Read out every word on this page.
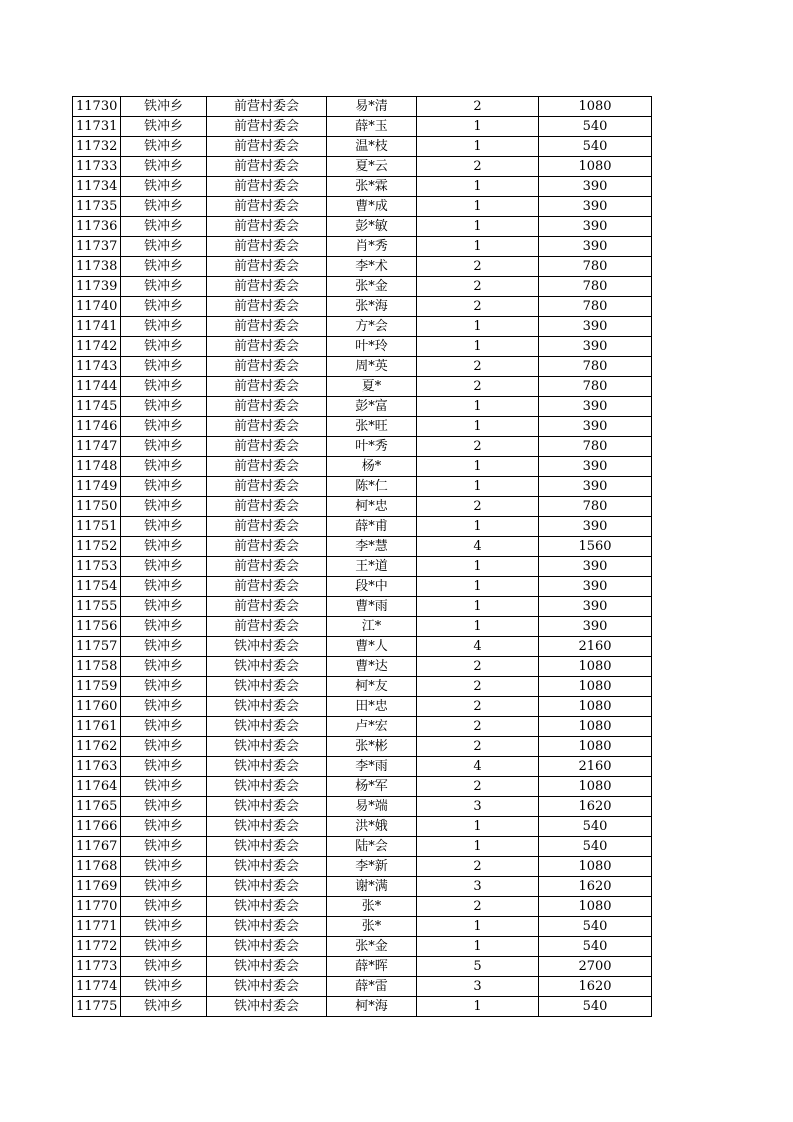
11730	铁冲乡	前营村委会	易*清	2	1080
11731	铁冲乡	前营村委会	薛*玉	1	540
11732	铁冲乡	前营村委会	温*枝	1	540
11733	铁冲乡	前营村委会	夏*云	2	1080
11734	铁冲乡	前营村委会	张*霖	1	390
11735	铁冲乡	前营村委会	曹*成	1	390
11736	铁冲乡	前营村委会	彭*敏	1	390
11737	铁冲乡	前营村委会	肖*秀	1	390
11738	铁冲乡	前营村委会	李*术	2	780
11739	铁冲乡	前营村委会	张*金	2	780
11740	铁冲乡	前营村委会	张*海	2	780
11741	铁冲乡	前营村委会	方*会	1	390
11742	铁冲乡	前营村委会	叶*玲	1	390
11743	铁冲乡	前营村委会	周*英	2	780
11744	铁冲乡	前营村委会	夏*	2	780
11745	铁冲乡	前营村委会	彭*富	1	390
11746	铁冲乡	前营村委会	张*旺	1	390
11747	铁冲乡	前营村委会	叶*秀	2	780
11748	铁冲乡	前营村委会	杨*	1	390
11749	铁冲乡	前营村委会	陈*仁	1	390
11750	铁冲乡	前营村委会	柯*忠	2	780
11751	铁冲乡	前营村委会	薛*甫	1	390
11752	铁冲乡	前营村委会	李*慧	4	1560
11753	铁冲乡	前营村委会	王*道	1	390
11754	铁冲乡	前营村委会	段*中	1	390
11755	铁冲乡	前营村委会	曹*雨	1	390
11756	铁冲乡	前营村委会	江*	1	390
11757	铁冲乡	铁冲村委会	曹*人	4	2160
11758	铁冲乡	铁冲村委会	曹*达	2	1080
11759	铁冲乡	铁冲村委会	柯*友	2	1080
11760	铁冲乡	铁冲村委会	田*忠	2	1080
11761	铁冲乡	铁冲村委会	卢*宏	2	1080
11762	铁冲乡	铁冲村委会	张*彬	2	1080
11763	铁冲乡	铁冲村委会	李*雨	4	2160
11764	铁冲乡	铁冲村委会	杨*军	2	1080
11765	铁冲乡	铁冲村委会	易*端	3	1620
11766	铁冲乡	铁冲村委会	洪*娥	1	540
11767	铁冲乡	铁冲村委会	陆*会	1	540
11768	铁冲乡	铁冲村委会	李*新	2	1080
11769	铁冲乡	铁冲村委会	谢*满	3	1620
11770	铁冲乡	铁冲村委会	张*	2	1080
11771	铁冲乡	铁冲村委会	张*	1	540
11772	铁冲乡	铁冲村委会	张*金	1	540
11773	铁冲乡	铁冲村委会	薛*晖	5	2700
11774	铁冲乡	铁冲村委会	薛*雷	3	1620
11775	铁冲乡	铁冲村委会	柯*海	1	540
